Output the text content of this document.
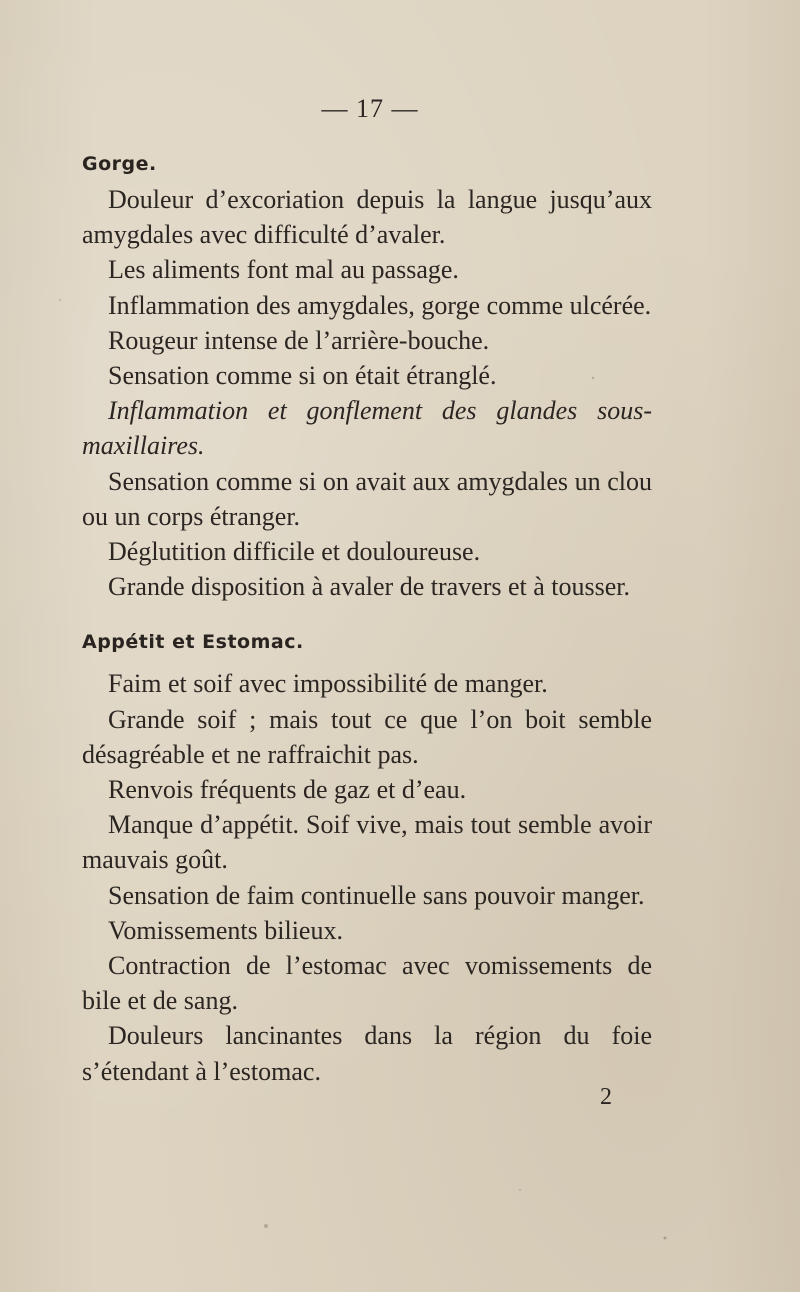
— 17 —
Gorge.

Douleur d’excoriation depuis la langue jusqu’aux amygdales avec difficulté d’avaler.

Les aliments font mal au passage.

Inflammation des amygdales, gorge comme ulcérée.

Rougeur intense de l’arrière-bouche.

Sensation comme si on était étranglé.

Inflammation et gonflement des glandes sous-maxillaires.

Sensation comme si on avait aux amygdales un clou ou un corps étranger.

Déglutition difficile et douloureuse.

Grande disposition à avaler de travers et à tousser.

Appétit et Estomac.

Faim et soif avec impossibilité de manger.

Grande soif ; mais tout ce que l’on boit semble désagréable et ne raffraichit pas.

Renvois fréquents de gaz et d’eau.

Manque d’appétit. Soif vive, mais tout semble avoir mauvais goût.

Sensation de faim continuelle sans pouvoir manger.

Vomissements bilieux.

Contraction de l’estomac avec vomissements de bile et de sang.

Douleurs lancinantes dans la région du foie s’étendant à l’estomac.

2
